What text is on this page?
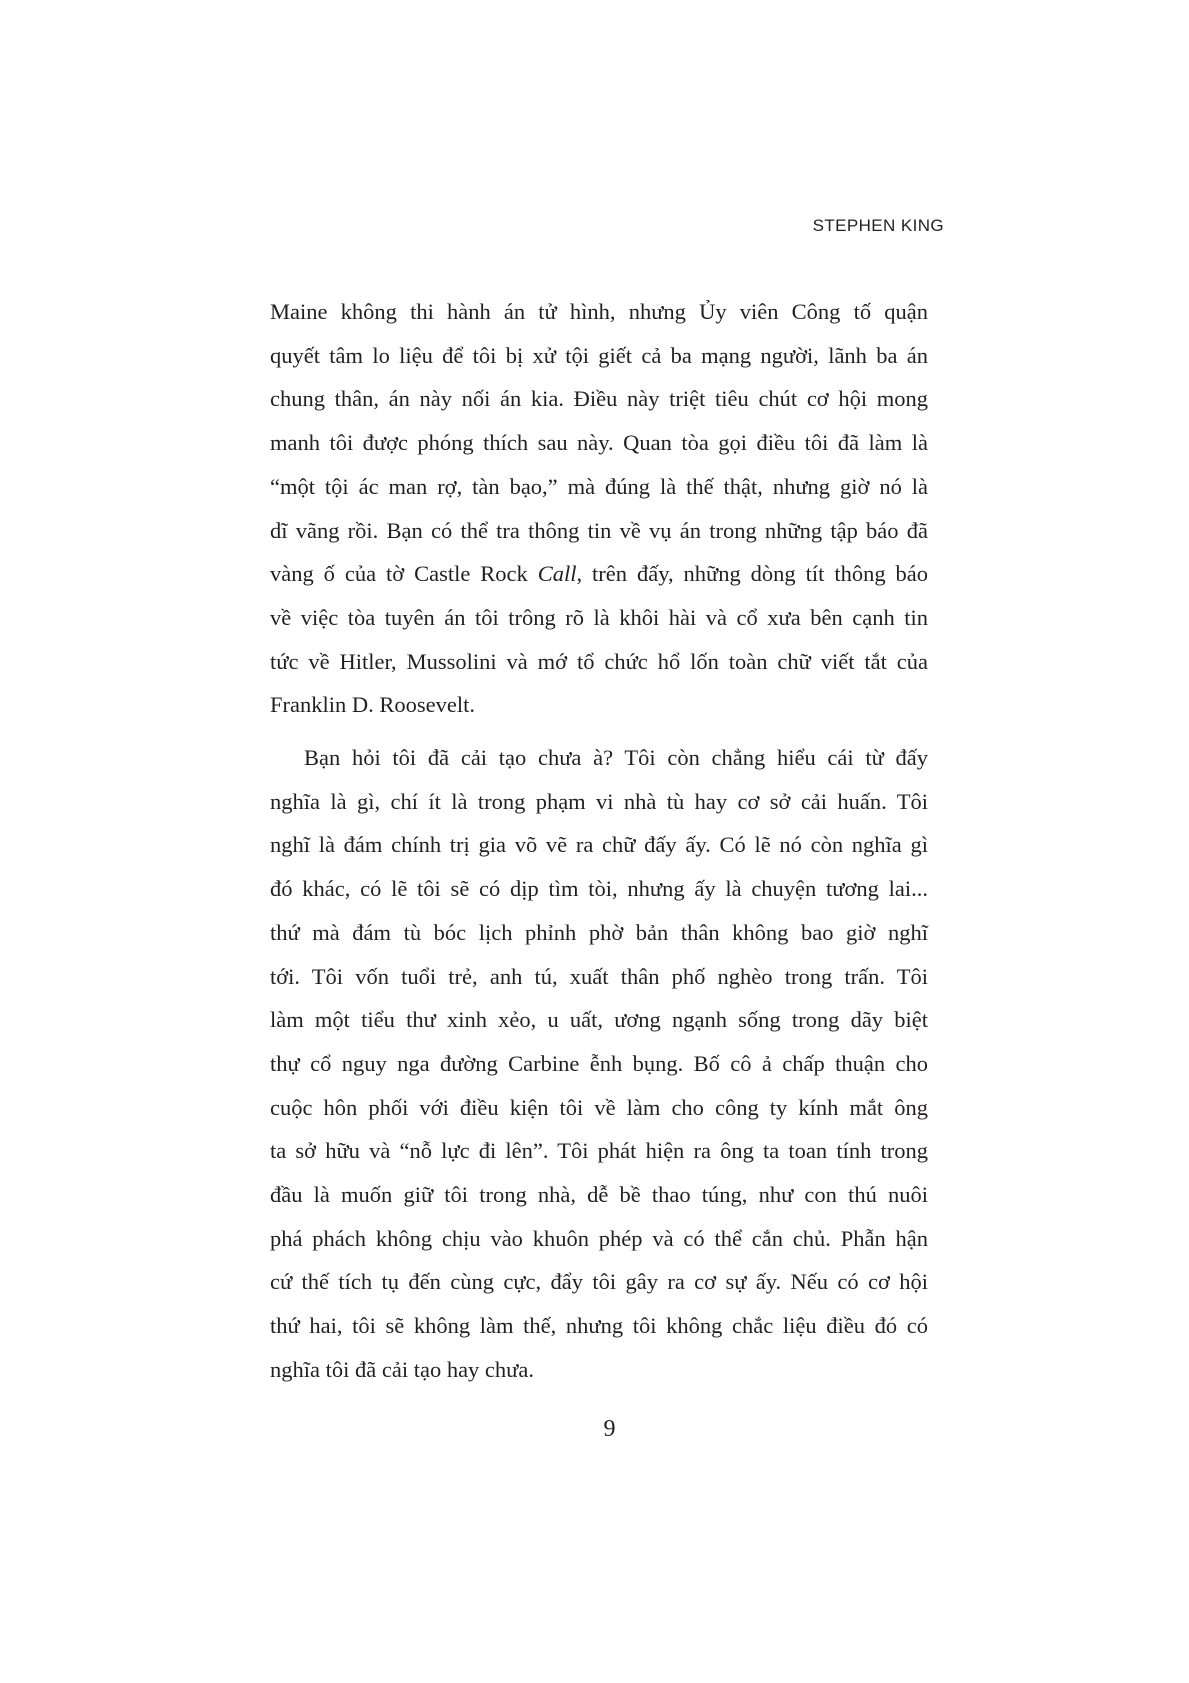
STEPHEN KING

Maine không thi hành án tử hình, nhưng Ủy viên Công tố quận
quyết tâm lo liệu để tôi bị xử tội giết cả ba mạng người, lãnh ba án
chung thân, án này nối án kia. Điều này triệt tiêu chút cơ hội mong
manh tôi được phóng thích sau này. Quan tòa gọi điều tôi đã làm là
“một tội ác man rợ, tàn bạo,” mà đúng là thế thật, nhưng giờ nó là
dĩ vãng rồi. Bạn có thể tra thông tin về vụ án trong những tập báo đã
vàng ố của tờ Castle Rock Call, trên đấy, những dòng tít thông báo
về việc tòa tuyên án tôi trông rõ là khôi hài và cổ xưa bên cạnh tin
tức về Hitler, Mussolini và mớ tổ chức hổ lốn toàn chữ viết tắt của
Franklin D. Roosevelt.

Bạn hỏi tôi đã cải tạo chưa à? Tôi còn chẳng hiểu cái từ đấy
nghĩa là gì, chí ít là trong phạm vi nhà tù hay cơ sở cải huấn. Tôi
nghĩ là đám chính trị gia võ vẽ ra chữ đấy ấy. Có lẽ nó còn nghĩa gì
đó khác, có lẽ tôi sẽ có dịp tìm tòi, nhưng ấy là chuyện tương lai...
thứ mà đám tù bóc lịch phỉnh phờ bản thân không bao giờ nghĩ
tới. Tôi vốn tuổi trẻ, anh tú, xuất thân phố nghèo trong trấn. Tôi
làm một tiểu thư xinh xẻo, u uất, ương ngạnh sống trong dãy biệt
thự cổ nguy nga đường Carbine ễnh bụng. Bố cô ả chấp thuận cho
cuộc hôn phối với điều kiện tôi về làm cho công ty kính mắt ông
ta sở hữu và “nỗ lực đi lên”. Tôi phát hiện ra ông ta toan tính trong
đầu là muốn giữ tôi trong nhà, dễ bề thao túng, như con thú nuôi
phá phách không chịu vào khuôn phép và có thể cắn chủ. Phẫn hận
cứ thế tích tụ đến cùng cực, đẩy tôi gây ra cơ sự ấy. Nếu có cơ hội
thứ hai, tôi sẽ không làm thế, nhưng tôi không chắc liệu điều đó có
nghĩa tôi đã cải tạo hay chưa.

9
